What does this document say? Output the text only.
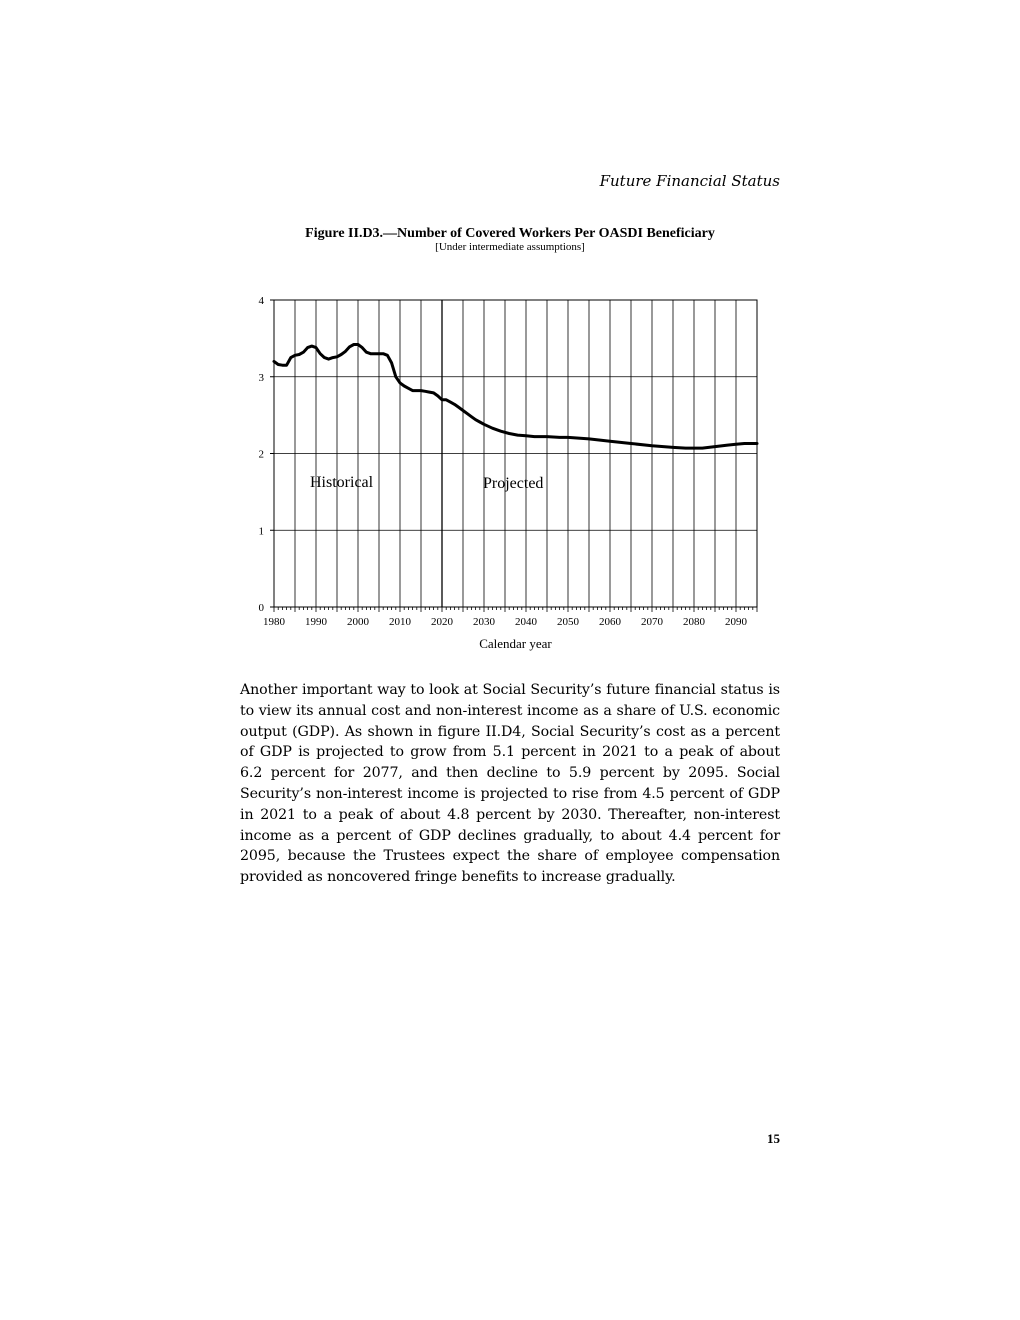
Future Financial Status
Figure II.D3.—Number of Covered Workers Per OASDI Beneficiary
[Under intermediate assumptions]
0
1
2
3
4
1980 1990 2000 2010 2020 2030 2040 2050 2060 2070 2080 2090
Historical	Projected
Calendar year

Another important way to look at Social Security’s future financial status is to view its annual cost and non-interest income as a share of U.S. economic output (GDP). As shown in figure II.D4, Social Security’s cost as a percent of GDP is projected to grow from 5.1 percent in 2021 to a peak of about 6.2 percent for 2077, and then decline to 5.9 percent by 2095. Social Security’s non-interest income is projected to rise from 4.5 percent of GDP in 2021 to a peak of about 4.8 percent by 2030. Thereafter, non-interest income as a percent of GDP declines gradually, to about 4.4 percent for 2095, because the Trustees expect the share of employee compensation provided as noncovered fringe benefits to increase gradually.

15
